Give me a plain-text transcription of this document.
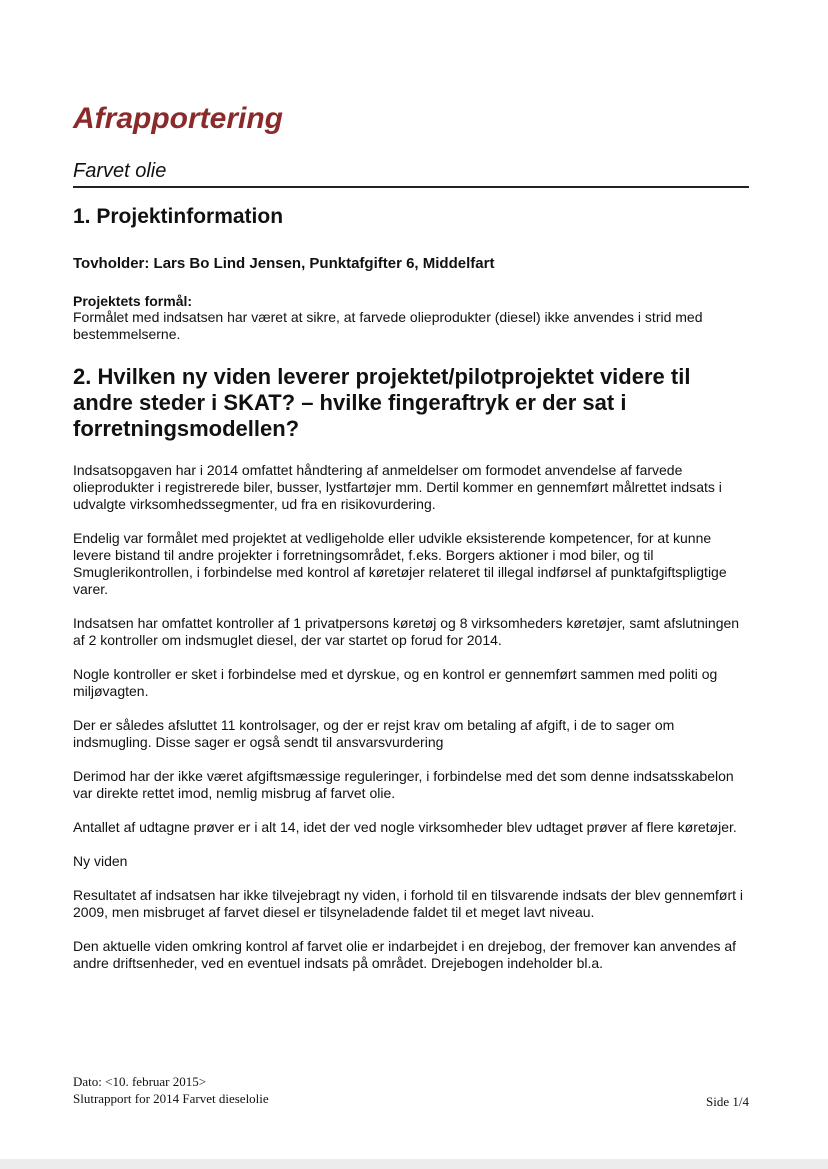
Afrapportering

Farvet olie

1. Projektinformation

Tovholder: Lars Bo Lind Jensen, Punktafgifter 6, Middelfart

Projektets formål:

Formålet med indsatsen har været at sikre, at farvede olieprodukter (diesel) ikke anvendes i strid med bestemmelserne.

2. Hvilken ny viden leverer projektet/pilotprojektet videre til andre steder i SKAT? – hvilke fingeraftryk er der sat i forretningsmodellen?

Indsatsopgaven har i 2014 omfattet håndtering af anmeldelser om formodet anvendelse af farvede olieprodukter i registrerede biler, busser, lystfartøjer mm. Dertil kommer en gennemført målrettet indsats i udvalgte virksomhedssegmenter, ud fra en risikovurdering.

Endelig var formålet med projektet at vedligeholde eller udvikle eksisterende kompetencer, for at kunne levere bistand til andre projekter i forretningsområdet, f.eks. Borgers aktioner i mod biler, og til Smuglerikontrollen, i forbindelse med kontrol af køretøjer relateret til illegal indførsel af punktafgiftspligtige varer.

Indsatsen har omfattet kontroller af 1 privatpersons køretøj og 8 virksomheders køretøjer, samt afslutningen af 2 kontroller om indsmuglet diesel, der var startet op forud for 2014.

Nogle kontroller er sket i forbindelse med et dyrskue, og en kontrol er gennemført sammen med politi og miljøvagten.

Der er således afsluttet 11 kontrolsager, og der er rejst krav om betaling af afgift, i de to sager om indsmugling. Disse sager er også sendt til ansvarsvurdering

Derimod har der ikke været afgiftsmæssige reguleringer, i forbindelse med det som denne indsatsskabelon var direkte rettet imod, nemlig misbrug af farvet olie.

Antallet af udtagne prøver er i alt 14, idet der ved nogle virksomheder blev udtaget prøver af flere køretøjer.

Ny viden

Resultatet af indsatsen har ikke tilvejebragt ny viden, i forhold til en tilsvarende indsats der blev gennemført i 2009, men misbruget af farvet diesel er tilsyneladende faldet til et meget lavt niveau.

Den aktuelle viden omkring kontrol af farvet olie er indarbejdet i en drejebog, der fremover kan anvendes af andre driftsenheder, ved en eventuel indsats på området. Drejebogen indeholder bl.a.

Dato: <10. februar 2015>

Slutrapport for 2014 Farvet dieselolie	Side 1/4
